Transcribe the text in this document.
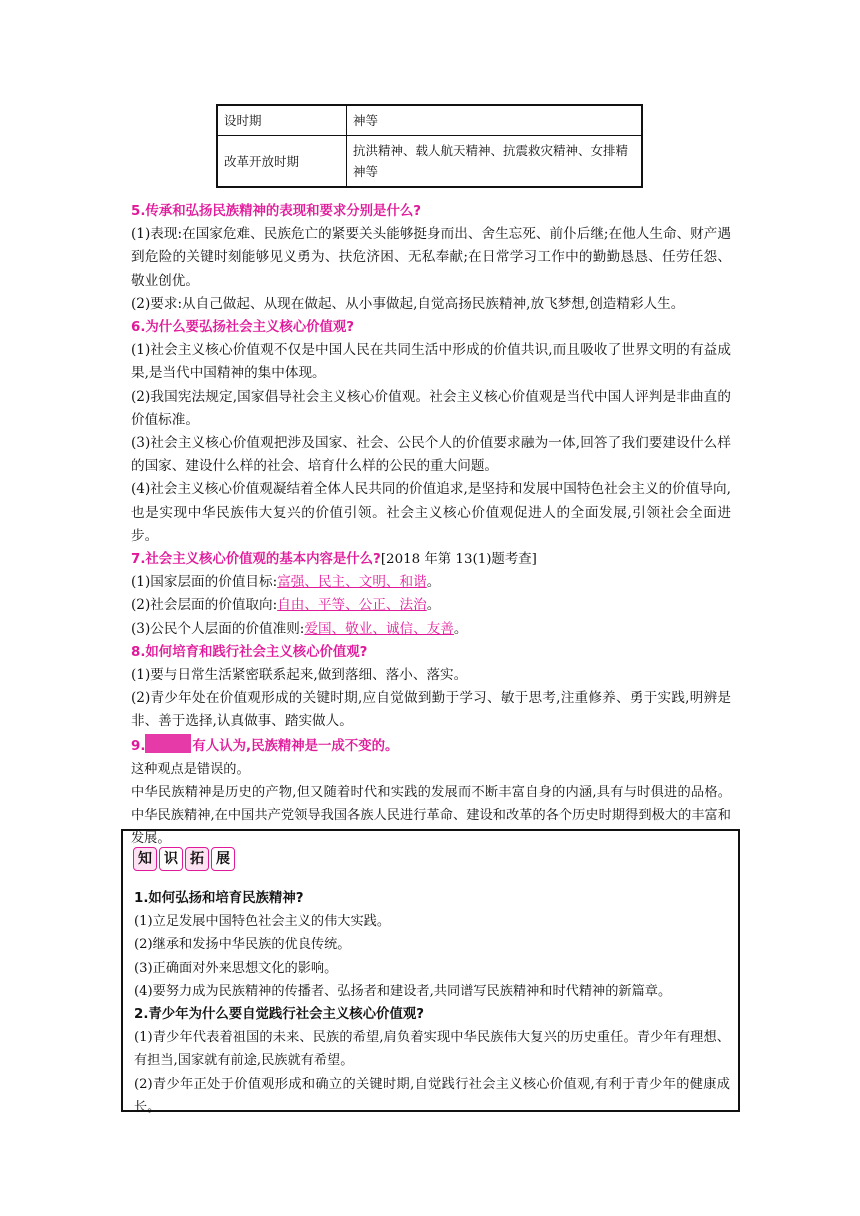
设时期	神等
改革开放时期	抗洪精神、载人航天精神、抗震救灾精神、女排精神等

5.传承和弘扬民族精神的表现和要求分别是什么?

(1)表现:在国家危难、民族危亡的紧要关头能够挺身而出、舍生忘死、前仆后继;在他人生命、财产遇到危险的关键时刻能够见义勇为、扶危济困、无私奉献;在日常学习工作中的勤勤恳恳、任劳任怨、敬业创优。

(2)要求:从自己做起、从现在做起、从小事做起,自觉高扬民族精神,放飞梦想,创造精彩人生。

6.为什么要弘扬社会主义核心价值观?

(1)社会主义核心价值观不仅是中国人民在共同生活中形成的价值共识,而且吸收了世界文明的有益成果,是当代中国精神的集中体现。

(2)我国宪法规定,国家倡导社会主义核心价值观。社会主义核心价值观是当代中国人评判是非曲直的价值标准。

(3)社会主义核心价值观把涉及国家、社会、公民个人的价值要求融为一体,回答了我们要建设什么样的国家、建设什么样的社会、培育什么样的公民的重大问题。

(4)社会主义核心价值观凝结着全体人民共同的价值追求,是坚持和发展中国特色社会主义的价值导向,也是实现中华民族伟大复兴的价值引领。社会主义核心价值观促进人的全面发展,引领社会全面进步。

7.社会主义核心价值观的基本内容是什么?[2018 年第 13(1)题考查]

(1)国家层面的价值目标:富强、民主、文明、和谐。

(2)社会层面的价值取向:自由、平等、公正、法治。

(3)公民个人层面的价值准则:爱国、敬业、诚信、友善。

8.如何培育和践行社会主义核心价值观?

(1)要与日常生活紧密联系起来,做到落细、落小、落实。

(2)青少年处在价值观形成的关键时期,应自觉做到勤于学习、敏于思考,注重修养、勇于实践,明辨是非、善于选择,认真做事、踏实做人。

9.	有人认为,民族精神是一成不变的。

这种观点是错误的。

中华民族精神是历史的产物,但又随着时代和实践的发展而不断丰富自身的内涵,具有与时俱进的品格。中华民族精神,在中国共产党领导我国各族人民进行革命、建设和改革的各个历史时期得到极大的丰富和发展。

知 识 拓 展

1.如何弘扬和培育民族精神?

(1)立足发展中国特色社会主义的伟大实践。

(2)继承和发扬中华民族的优良传统。

(3)正确面对外来思想文化的影响。

(4)要努力成为民族精神的传播者、弘扬者和建设者,共同谱写民族精神和时代精神的新篇章。

2.青少年为什么要自觉践行社会主义核心价值观?

(1)青少年代表着祖国的未来、民族的希望,肩负着实现中华民族伟大复兴的历史重任。青少年有理想、有担当,国家就有前途,民族就有希望。

(2)青少年正处于价值观形成和确立的关键时期,自觉践行社会主义核心价值观,有利于青少年的健康成长。
